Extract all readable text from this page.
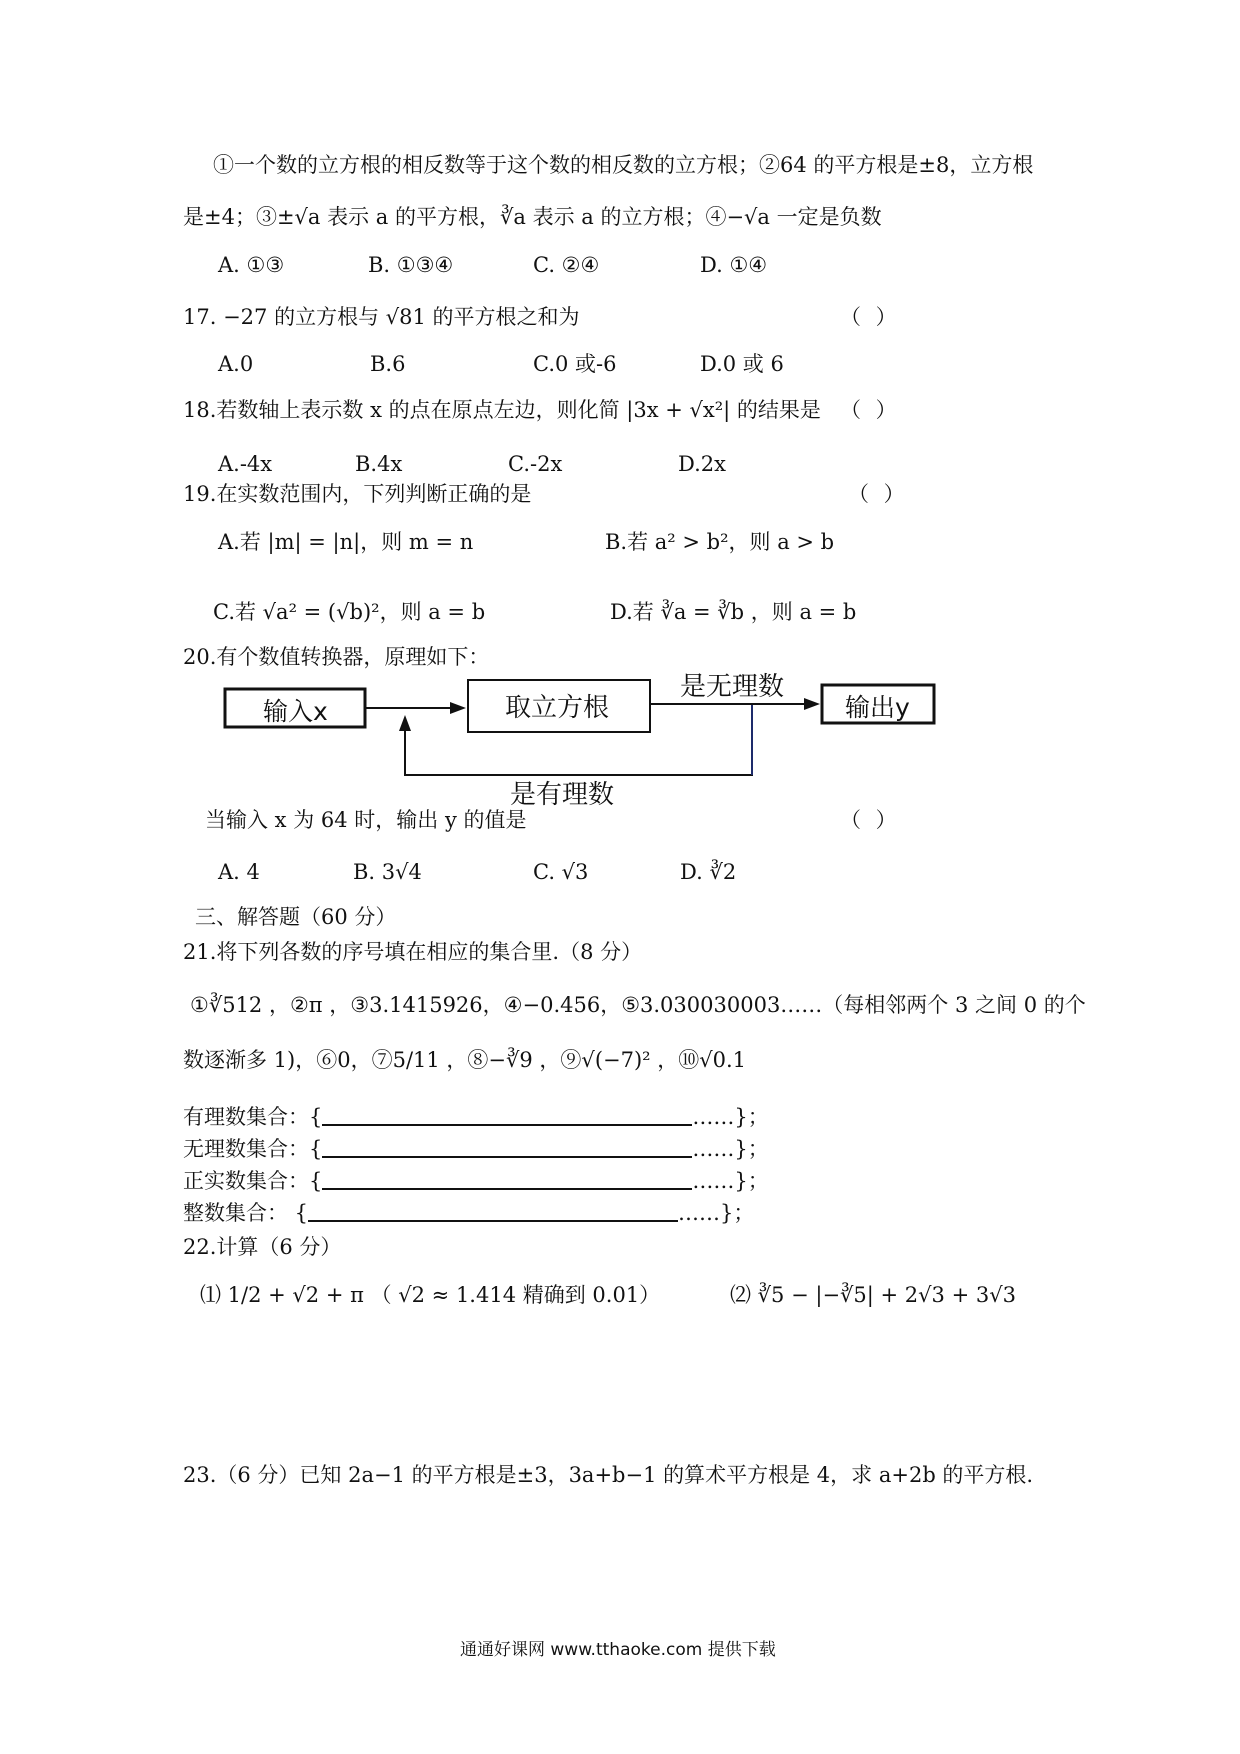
①一个数的立方根的相反数等于这个数的相反数的立方根；②64 的平方根是±8，立方根
是±4；③±√a 表示 a 的平方根，∛a 表示 a 的立方根；④−√a 一定是负数
A. ①③	B. ①③④	C. ②④	D. ①④
17. −27 的立方根与 √81 的平方根之和为	（ ）
A.0	B.6	C.0 或-6	D.0 或 6
18.若数轴上表示数 x 的点在原点左边，则化简 |3x + √x²| 的结果是 （ ）
A.-4x	B.4x	C.-2x	D.2x
19.在实数范围内，下列判断正确的是	（ ）
A.若 |m| = |n|，则 m = n	B.若 a² > b²，则 a > b
C.若 √a² = (√b)²，则 a = b	D.若 ∛a = ∛b ，则 a = b
20.有个数值转换器，原理如下：
输入x	取立方根	输出y
是无理数
是有理数
当输入 x 为 64 时，输出 y 的值是	（ ）
A. 4	B. 3√4	C. √3	D. ∛2
三、解答题（60 分）
21.将下列各数的序号填在相应的集合里.（8 分）
①∛512 ，②π ，③3.1415926，④−0.456，⑤3.030030003……（每相邻两个 3 之间 0 的个
数逐渐多 1)，⑥0，⑦5/11 ，⑧−∛9 ，⑨√(−7)² ，⑩√0.1
有理数集合：{	……}；
无理数集合：{	……}；
正实数集合：{	……}；
整数集合： {	……}；
22.计算（6 分）
⑴ 1/2 + √2 + π （ √2 ≈ 1.414 精确到 0.01）	⑵ ∛5 − |−∛5| + 2√3 + 3√3
23.（6 分）已知 2a−1 的平方根是±3，3a+b−1 的算术平方根是 4，求 a+2b 的平方根.
通通好课网 www.tthaoke.com 提供下载
